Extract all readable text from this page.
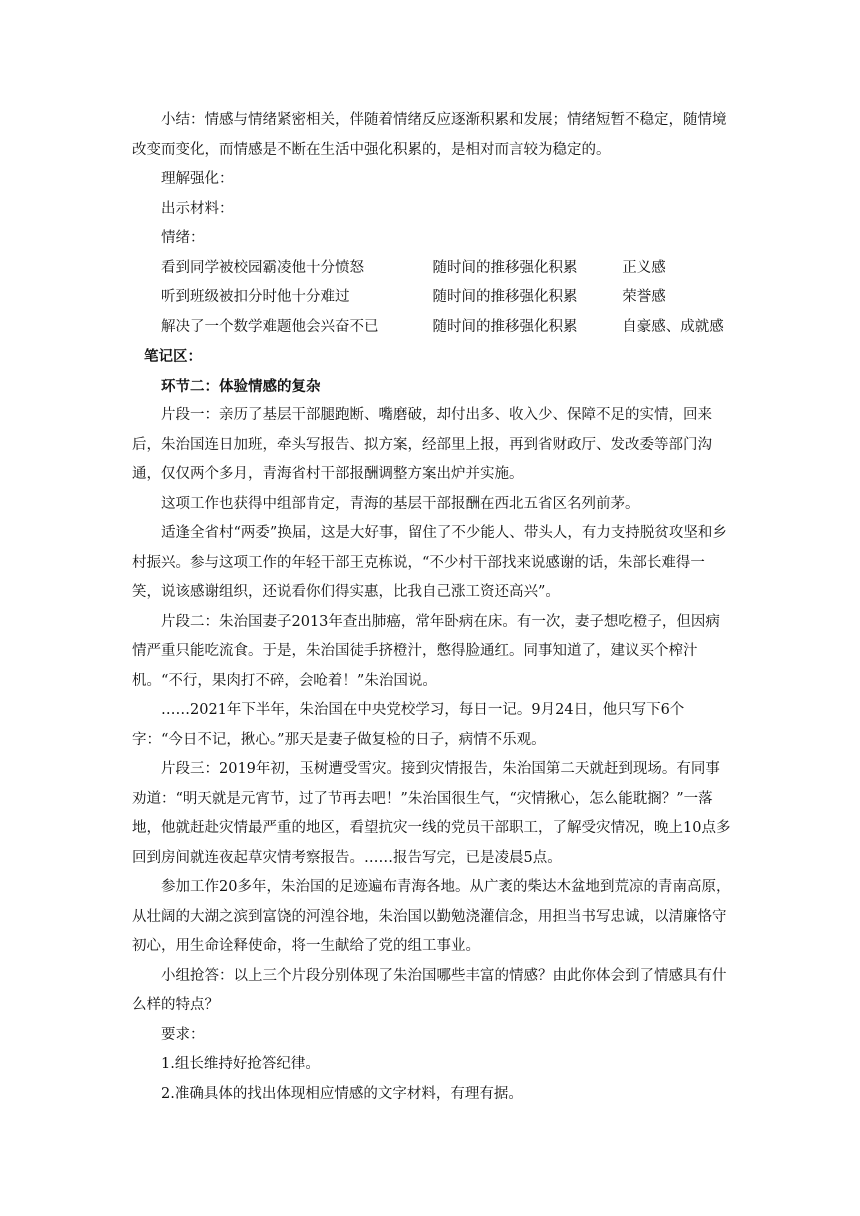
小结：情感与情绪紧密相关，伴随着情绪反应逐渐积累和发展；情绪短暂不稳定，随情境改变而变化，而情感是不断在生活中强化积累的，是相对而言较为稳定的。

理解强化：

出示材料：

情绪：

看到同学被校园霸凌他十分愤怒	随时间的推移强化积累	正义感
听到班级被扣分时他十分难过	随时间的推移强化积累	荣誉感
解决了一个数学难题他会兴奋不已	随时间的推移强化积累	自豪感、成就感

笔记区：

环节二：体验情感的复杂

片段一：亲历了基层干部腿跑断、嘴磨破，却付出多、收入少、保障不足的实情，回来后，朱治国连日加班，牵头写报告、拟方案，经部里上报，再到省财政厅、发改委等部门沟通，仅仅两个多月，青海省村干部报酬调整方案出炉并实施。

这项工作也获得中组部肯定，青海的基层干部报酬在西北五省区名列前茅。

适逢全省村“两委”换届，这是大好事，留住了不少能人、带头人，有力支持脱贫攻坚和乡村振兴。参与这项工作的年轻干部王克栋说，“不少村干部找来说感谢的话，朱部长难得一笑，说该感谢组织，还说看你们得实惠，比我自己涨工资还高兴”。

片段二：朱治国妻子2013年查出肺癌，常年卧病在床。有一次，妻子想吃橙子，但因病情严重只能吃流食。于是，朱治国徒手挤橙汁，憋得脸通红。同事知道了，建议买个榨汁机。“不行，果肉打不碎，会呛着！”朱治国说。

……2021年下半年，朱治国在中央党校学习，每日一记。9月24日，他只写下6个字：“今日不记，揪心。”那天是妻子做复检的日子，病情不乐观。

片段三：2019年初，玉树遭受雪灾。接到灾情报告，朱治国第二天就赶到现场。有同事劝道：“明天就是元宵节，过了节再去吧！”朱治国很生气，“灾情揪心，怎么能耽搁？”一落地，他就赶赴灾情最严重的地区，看望抗灾一线的党员干部职工，了解受灾情况，晚上10点多回到房间就连夜起草灾情考察报告。……报告写完，已是凌晨5点。

参加工作20多年，朱治国的足迹遍布青海各地。从广袤的柴达木盆地到荒凉的青南高原，从壮阔的大湖之滨到富饶的河湟谷地，朱治国以勤勉浇灌信念，用担当书写忠诚，以清廉恪守初心，用生命诠释使命，将一生献给了党的组工事业。

小组抢答：以上三个片段分别体现了朱治国哪些丰富的情感？由此你体会到了情感具有什么样的特点？

要求：

1.组长维持好抢答纪律。

2.准确具体的找出体现相应情感的文字材料，有理有据。
